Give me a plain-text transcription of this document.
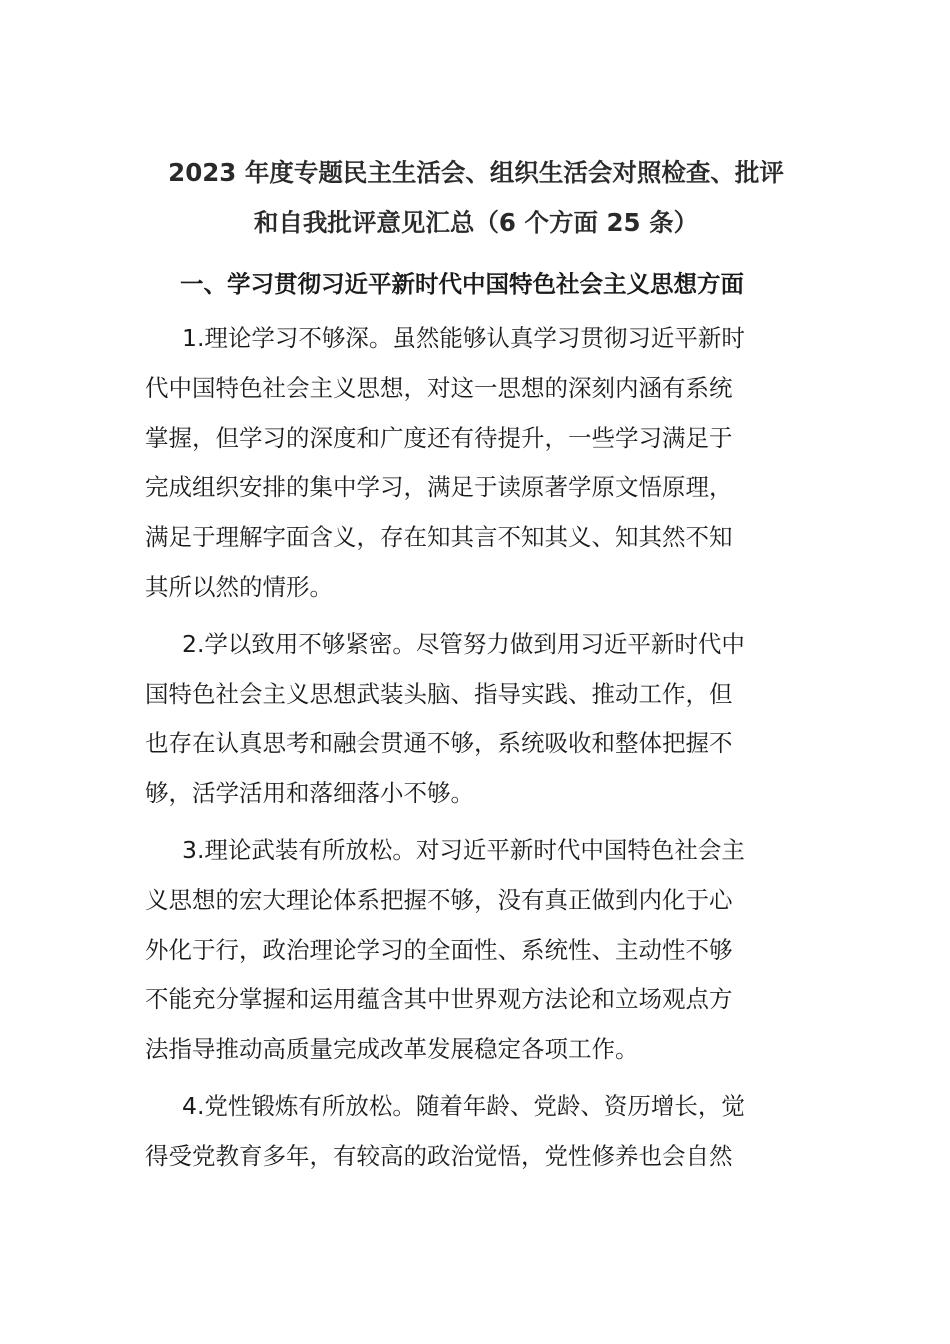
2023 年度专题民主生活会、组织生活会对照检查、批评
和自我批评意见汇总（6 个方面 25 条）
一、学习贯彻习近平新时代中国特色社会主义思想方面

1.理论学习不够深。虽然能够认真学习贯彻习近平新时
代中国特色社会主义思想，对这一思想的深刻内涵有系统
掌握，但学习的深度和广度还有待提升，一些学习满足于
完成组织安排的集中学习，满足于读原著学原文悟原理，
满足于理解字面含义，存在知其言不知其义、知其然不知
其所以然的情形。

2.学以致用不够紧密。尽管努力做到用习近平新时代中
国特色社会主义思想武装头脑、指导实践、推动工作，但
也存在认真思考和融会贯通不够，系统吸收和整体把握不
够，活学活用和落细落小不够。

3.理论武装有所放松。对习近平新时代中国特色社会主
义思想的宏大理论体系把握不够，没有真正做到内化于心
外化于行，政治理论学习的全面性、系统性、主动性不够
不能充分掌握和运用蕴含其中世界观方法论和立场观点方
法指导推动高质量完成改革发展稳定各项工作。

4.党性锻炼有所放松。随着年龄、党龄、资历增长，觉
得受党教育多年，有较高的政治觉悟，党性修养也会自然
